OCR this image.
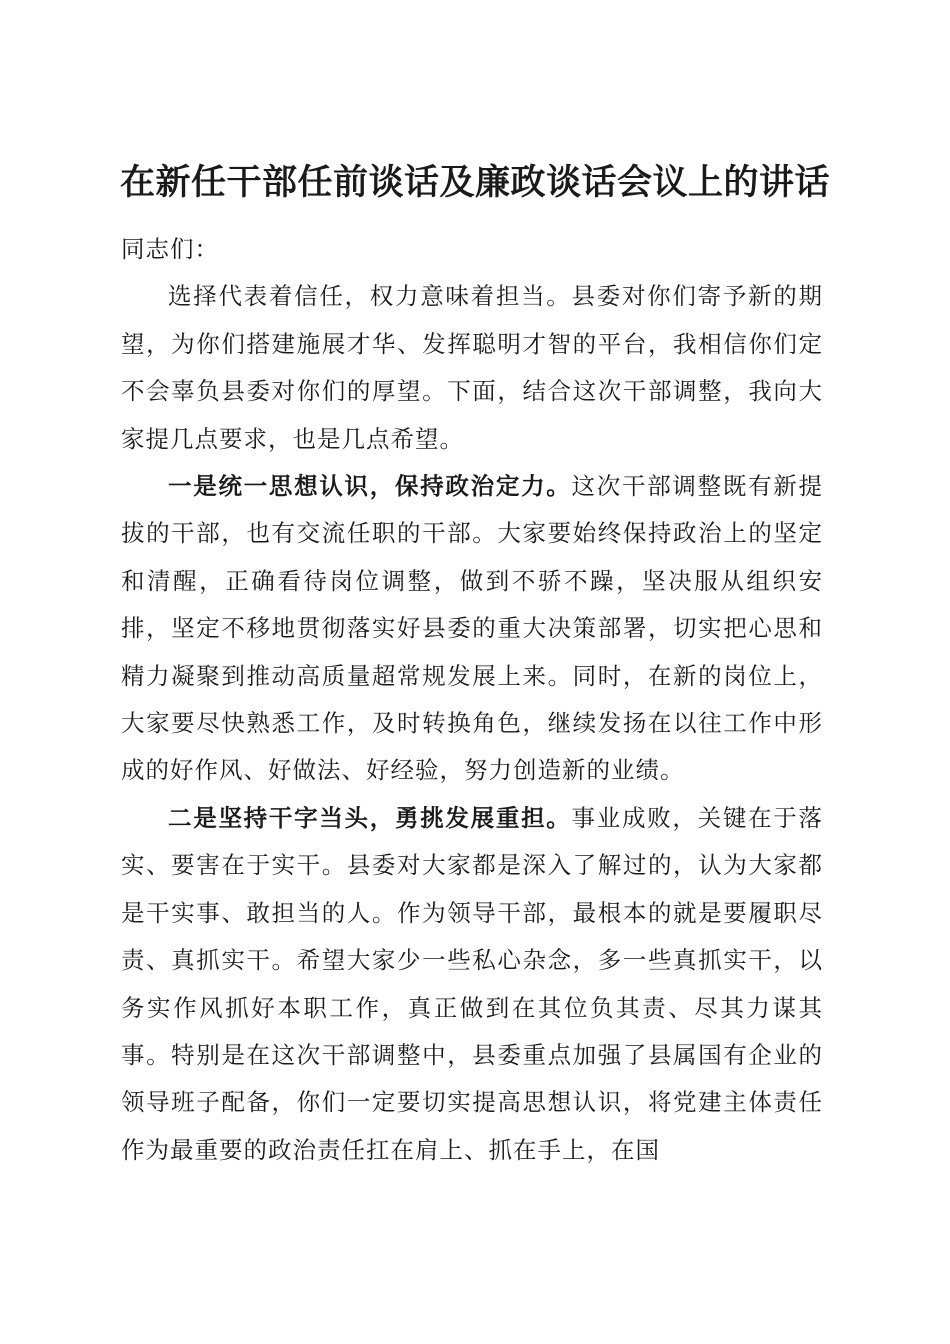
在新任干部任前谈话及廉政谈话会议上的讲话

同志们：

选择代表着信任，权力意味着担当。县委对你们寄予新的期望，为你们搭建施展才华、发挥聪明才智的平台，我相信你们定不会辜负县委对你们的厚望。下面，结合这次干部调整，我向大家提几点要求，也是几点希望。

一是统一思想认识，保持政治定力。这次干部调整既有新提拔的干部，也有交流任职的干部。大家要始终保持政治上的坚定和清醒，正确看待岗位调整，做到不骄不躁，坚决服从组织安排，坚定不移地贯彻落实好县委的重大决策部署，切实把心思和精力凝聚到推动高质量超常规发展上来。同时，在新的岗位上，大家要尽快熟悉工作，及时转换角色，继续发扬在以往工作中形成的好作风、好做法、好经验，努力创造新的业绩。

二是坚持干字当头，勇挑发展重担。事业成败，关键在于落实、要害在于实干。县委对大家都是深入了解过的，认为大家都是干实事、敢担当的人。作为领导干部，最根本的就是要履职尽责、真抓实干。希望大家少一些私心杂念，多一些真抓实干，以务实作风抓好本职工作，真正做到在其位负其责、尽其力谋其事。特别是在这次干部调整中，县委重点加强了县属国有企业的领导班子配备，你们一定要切实提高思想认识，将党建主体责任作为最重要的政治责任扛在肩上、抓在手上，在国
